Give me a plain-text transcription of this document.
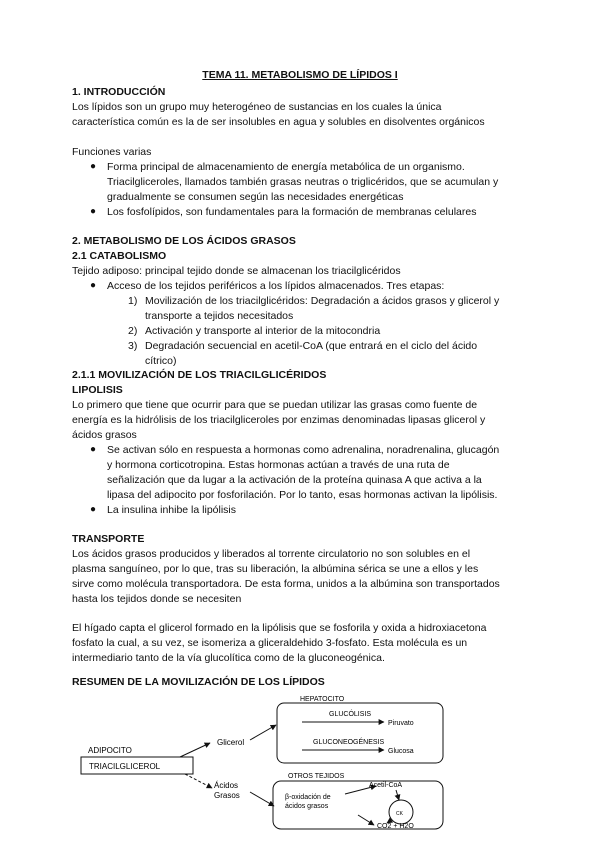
TEMA 11. METABOLISMO DE LÍPIDOS I
1. INTRODUCCIÓN
Los lípidos son un grupo muy heterogéneo de sustancias en los cuales la única
característica común es la de ser insolubles en agua y solubles en disolventes orgánicos
Funciones varias
● Forma principal de almacenamiento de energía metabólica de un organismo.
Triacilgliceroles, llamados también grasas neutras o triglicéridos, que se acumulan y
gradualmente se consumen según las necesidades energéticas
● Los fosfolípidos, son fundamentales para la formación de membranas celulares
2. METABOLISMO DE LOS ÁCIDOS GRASOS
2.1 CATABOLISMO
Tejido adiposo: principal tejido donde se almacenan los triacilglicéridos
● Acceso de los tejidos periféricos a los lípidos almacenados. Tres etapas:
1) Movilización de los triacilglicéridos: Degradación a ácidos grasos y glicerol y
transporte a tejidos necesitados
2) Activación y transporte al interior de la mitocondria
3) Degradación secuencial en acetil-CoA (que entrará en el ciclo del ácido
cítrico)
2.1.1 MOVILIZACIÓN DE LOS TRIACILGLICÉRIDOS
LIPOLISIS
Lo primero que tiene que ocurrir para que se puedan utilizar las grasas como fuente de
energía es la hidrólisis de los triacilgliceroles por enzimas denominadas lipasas glicerol y
ácidos grasos
● Se activan sólo en respuesta a hormonas como adrenalina, noradrenalina, glucagón
y hormona corticotropina. Estas hormonas actúan a través de una ruta de
señalización que da lugar a la activación de la proteína quinasa A que activa a la
lipasa del adipocito por fosforilación. Por lo tanto, esas hormonas activan la lipólisis.
● La insulina inhibe la lipólisis
TRANSPORTE
Los ácidos grasos producidos y liberados al torrente circulatorio no son solubles en el
plasma sanguíneo, por lo que, tras su liberación, la albúmina sérica se une a ellos y les
sirve como molécula transportadora. De esta forma, unidos a la albúmina son transportados
hasta los tejidos donde se necesiten
El hígado capta el glicerol formado en la lipólisis que se fosforila y oxida a hidroxiacetona
fosfato la cual, a su vez, se isomeriza a gliceraldehido 3-fosfato. Esta molécula es un
intermediario tanto de la vía glucolítica como de la gluconeogénica.
RESUMEN DE LA MOVILIZACIÓN DE LOS LÍPIDOS
ADIPOCITO
TRIACILGLICEROL
Glicerol
Ácidos
Grasos
HEPATOCITO
GLUCÓLISIS
Piruvato
GLUCONEOGÉNESIS
Glucosa
OTROS TEJIDOS
β-oxidación de
ácidos grasos
Acetil-CoA
CK
CO2 + H2O
